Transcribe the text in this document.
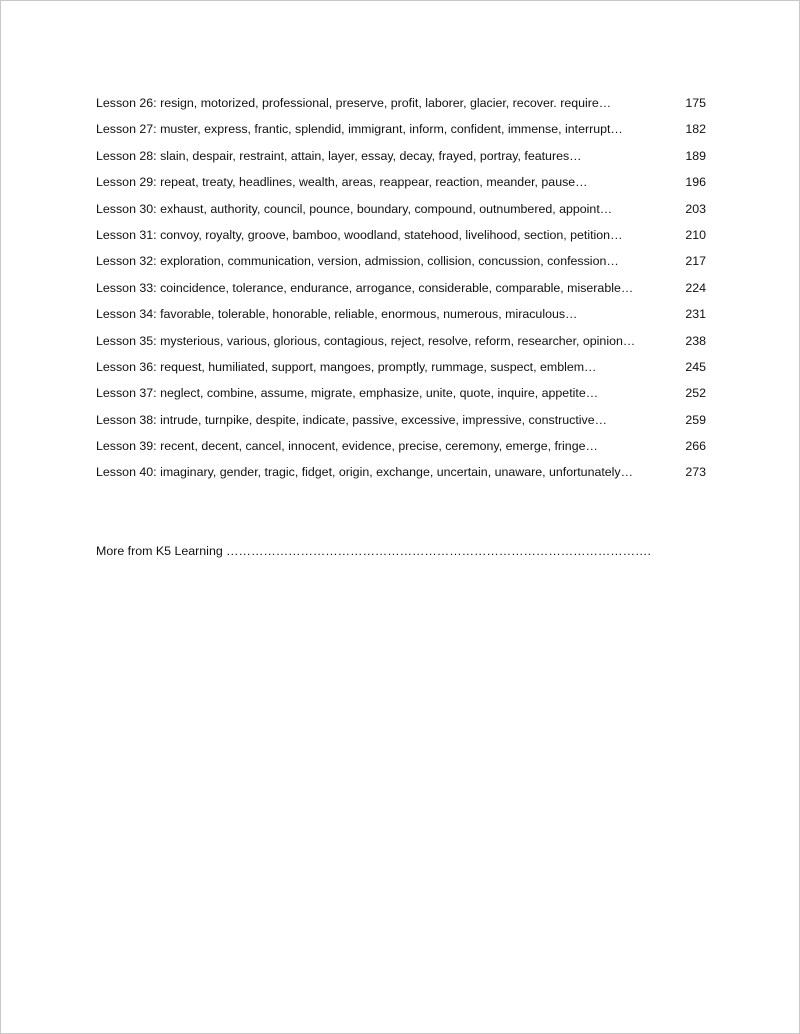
Lesson 26: resign, motorized, professional, preserve, profit, laborer, glacier, recover. require…	175
Lesson 27: muster, express, frantic, splendid, immigrant, inform, confident, immense, interrupt…	182
Lesson 28: slain, despair, restraint, attain, layer, essay, decay, frayed, portray, features…	189
Lesson 29: repeat, treaty, headlines, wealth, areas, reappear, reaction, meander, pause…	196
Lesson 30: exhaust, authority, council, pounce, boundary, compound, outnumbered, appoint…	203
Lesson 31: convoy, royalty, groove, bamboo, woodland, statehood, livelihood, section, petition…	210
Lesson 32: exploration, communication, version, admission, collision, concussion, confession…	217
Lesson 33: coincidence, tolerance, endurance, arrogance, considerable, comparable, miserable…	224
Lesson 34: favorable, tolerable, honorable, reliable, enormous, numerous, miraculous…	231
Lesson 35: mysterious, various, glorious, contagious, reject, resolve, reform, researcher, opinion…	238
Lesson 36: request, humiliated, support, mangoes, promptly, rummage, suspect, emblem…	245
Lesson 37: neglect, combine, assume, migrate, emphasize, unite, quote, inquire, appetite…	252
Lesson 38: intrude, turnpike, despite, indicate, passive, excessive, impressive, constructive…	259
Lesson 39: recent, decent, cancel, innocent, evidence, precise, ceremony, emerge, fringe…	266
Lesson 40: imaginary, gender, tragic, fidget, origin, exchange, uncertain, unaware, unfortunately…	273
More from K5 Learning ………………………………………………………………………………………….
